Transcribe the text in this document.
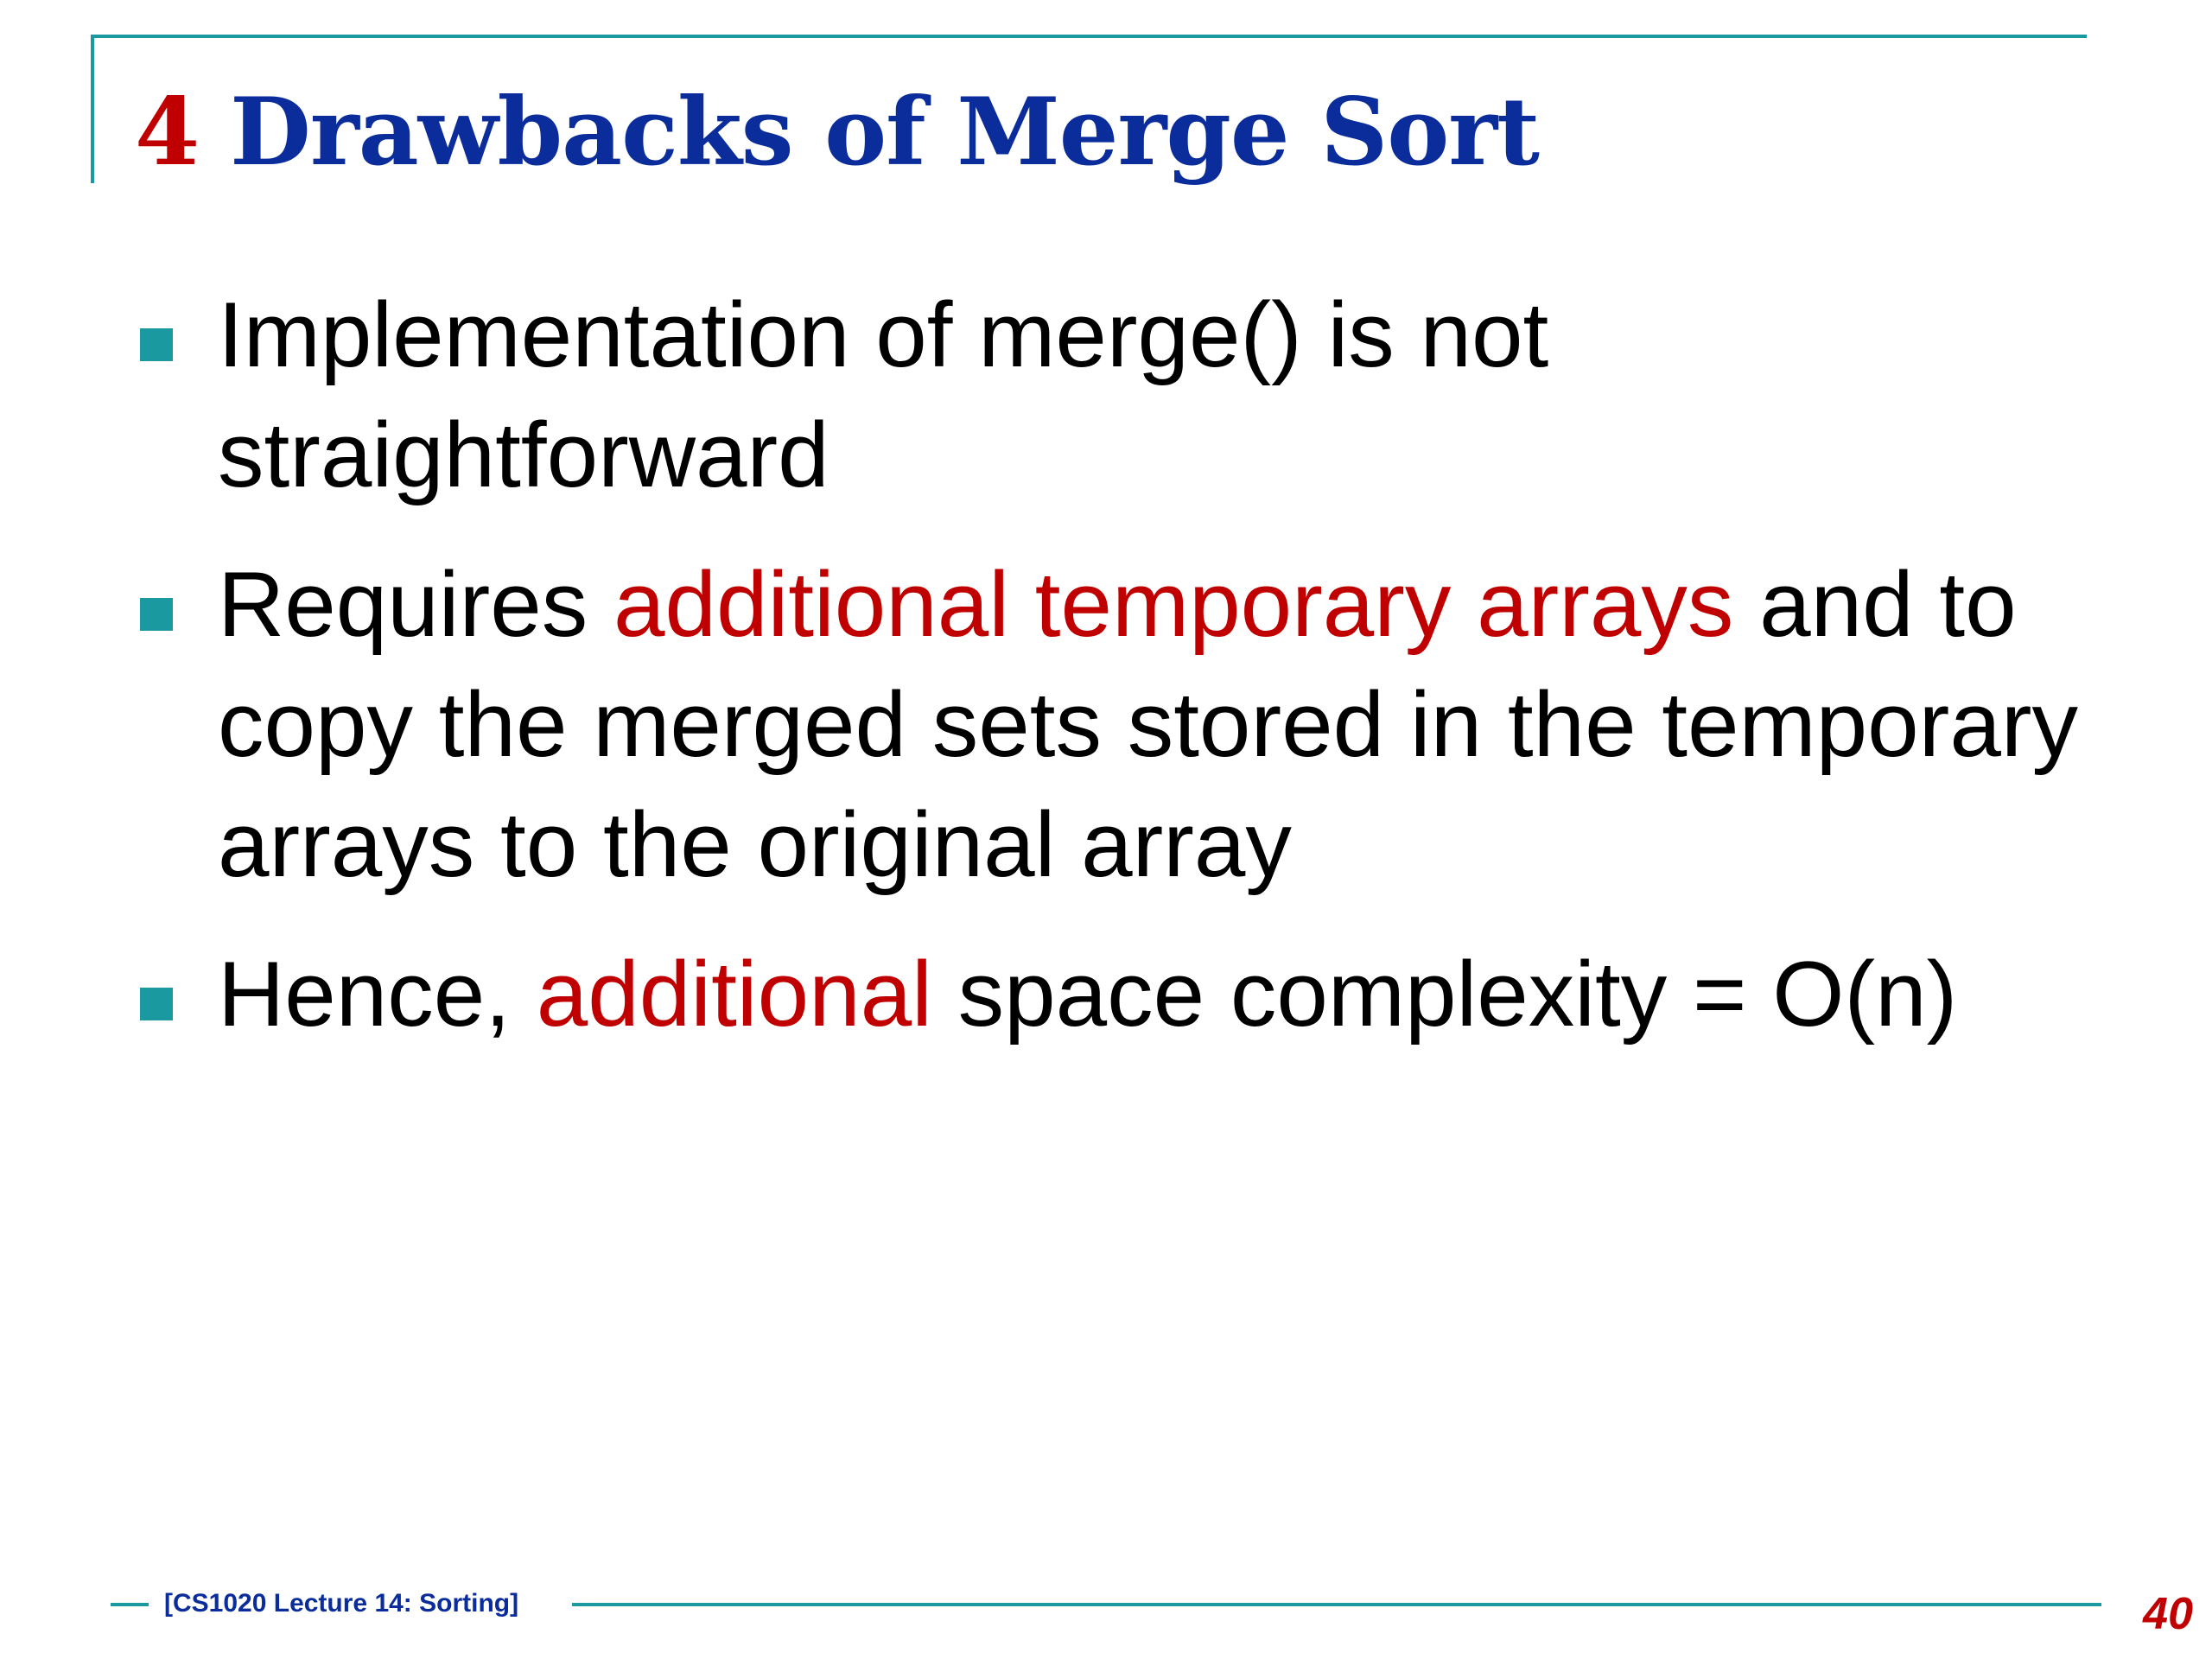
4 Drawbacks of Merge Sort
Implementation of merge() is not straightforward
Requires additional temporary arrays and to copy the merged sets stored in the temporary arrays to the original array
Hence, additional space complexity = O(n)
[CS1020 Lecture 14: Sorting]	40
